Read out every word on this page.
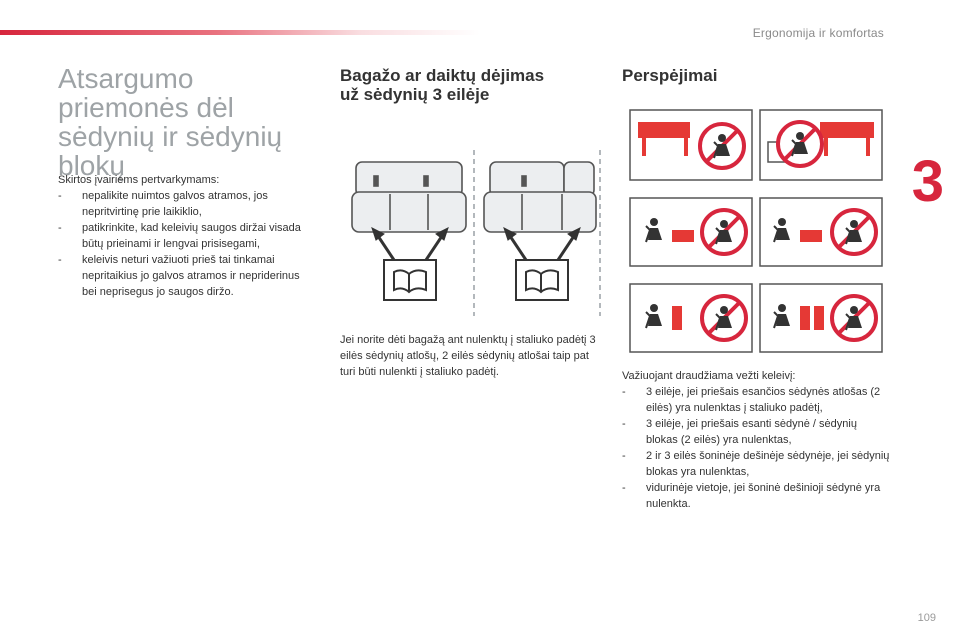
Ergonomija ir komfortas
3
109
Atsargumo priemonės dėl sėdynių ir sėdynių blokų

Skirtos įvairiems pertvarkymams:

- nepalikite nuimtos galvos atramos, jos nepritvirtinę prie laikiklio,
- patikrinkite, kad keleivių saugos diržai visada būtų prieinami ir lengvai prisisegami,
- keleivis neturi važiuoti prieš tai tinkamai nepritaikius jo galvos atramos ir nepriderinus bei neprisegus jo saugos diržo.
Bagažo ar daiktų dėjimas
už sėdynių 3 eilėje

Jei norite dėti bagažą ant nulenktų į staliuko padėtį 3 eilės sėdynių atlošų, 2 eilės sėdynių atlošai taip pat turi būti nulenkti į staliuko padėtį.

Perspėjimai

Važiuojant draudžiama vežti keleivį:

- 3 eilėje, jei priešais esančios sėdynės atlošas (2 eilės) yra nulenktas į staliuko padėtį,
- 3 eilėje, jei priešais esanti sėdynė / sėdynių blokas (2 eilės) yra nulenktas,
- 2 ir 3 eilės šoninėje dešinėje sėdynėje, jei sėdynių blokas yra nulenktas,
- vidurinėje vietoje, jei šoninė dešinioji sėdynė yra nulenkta.
